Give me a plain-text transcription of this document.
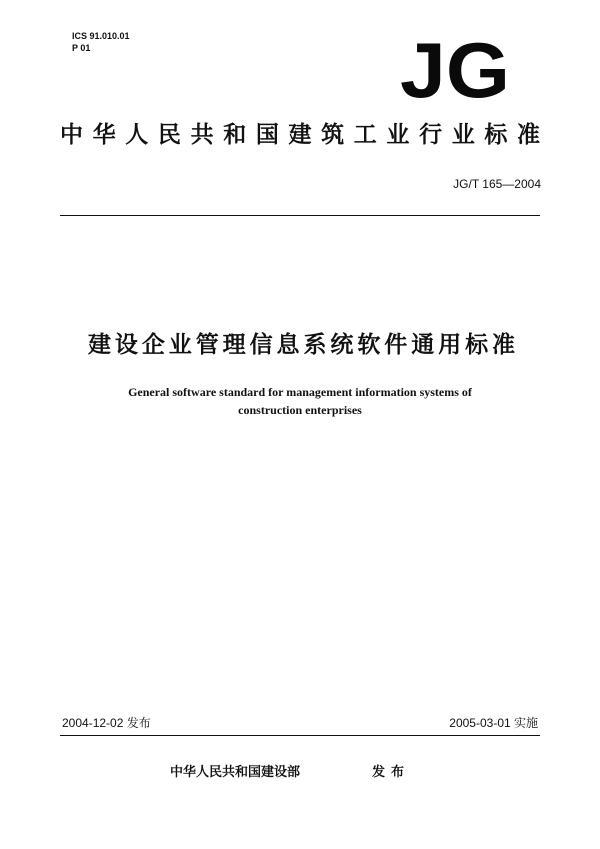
ICS 91.010.01
P 01	JG
中华人民共和国建筑工业行业标准
JG/T 165—2004
建设企业管理信息系统软件通用标准
General software standard for management information systems of
construction enterprises
2004-12-02 发布	2005-03-01 实施
中华人民共和国建设部	发布
